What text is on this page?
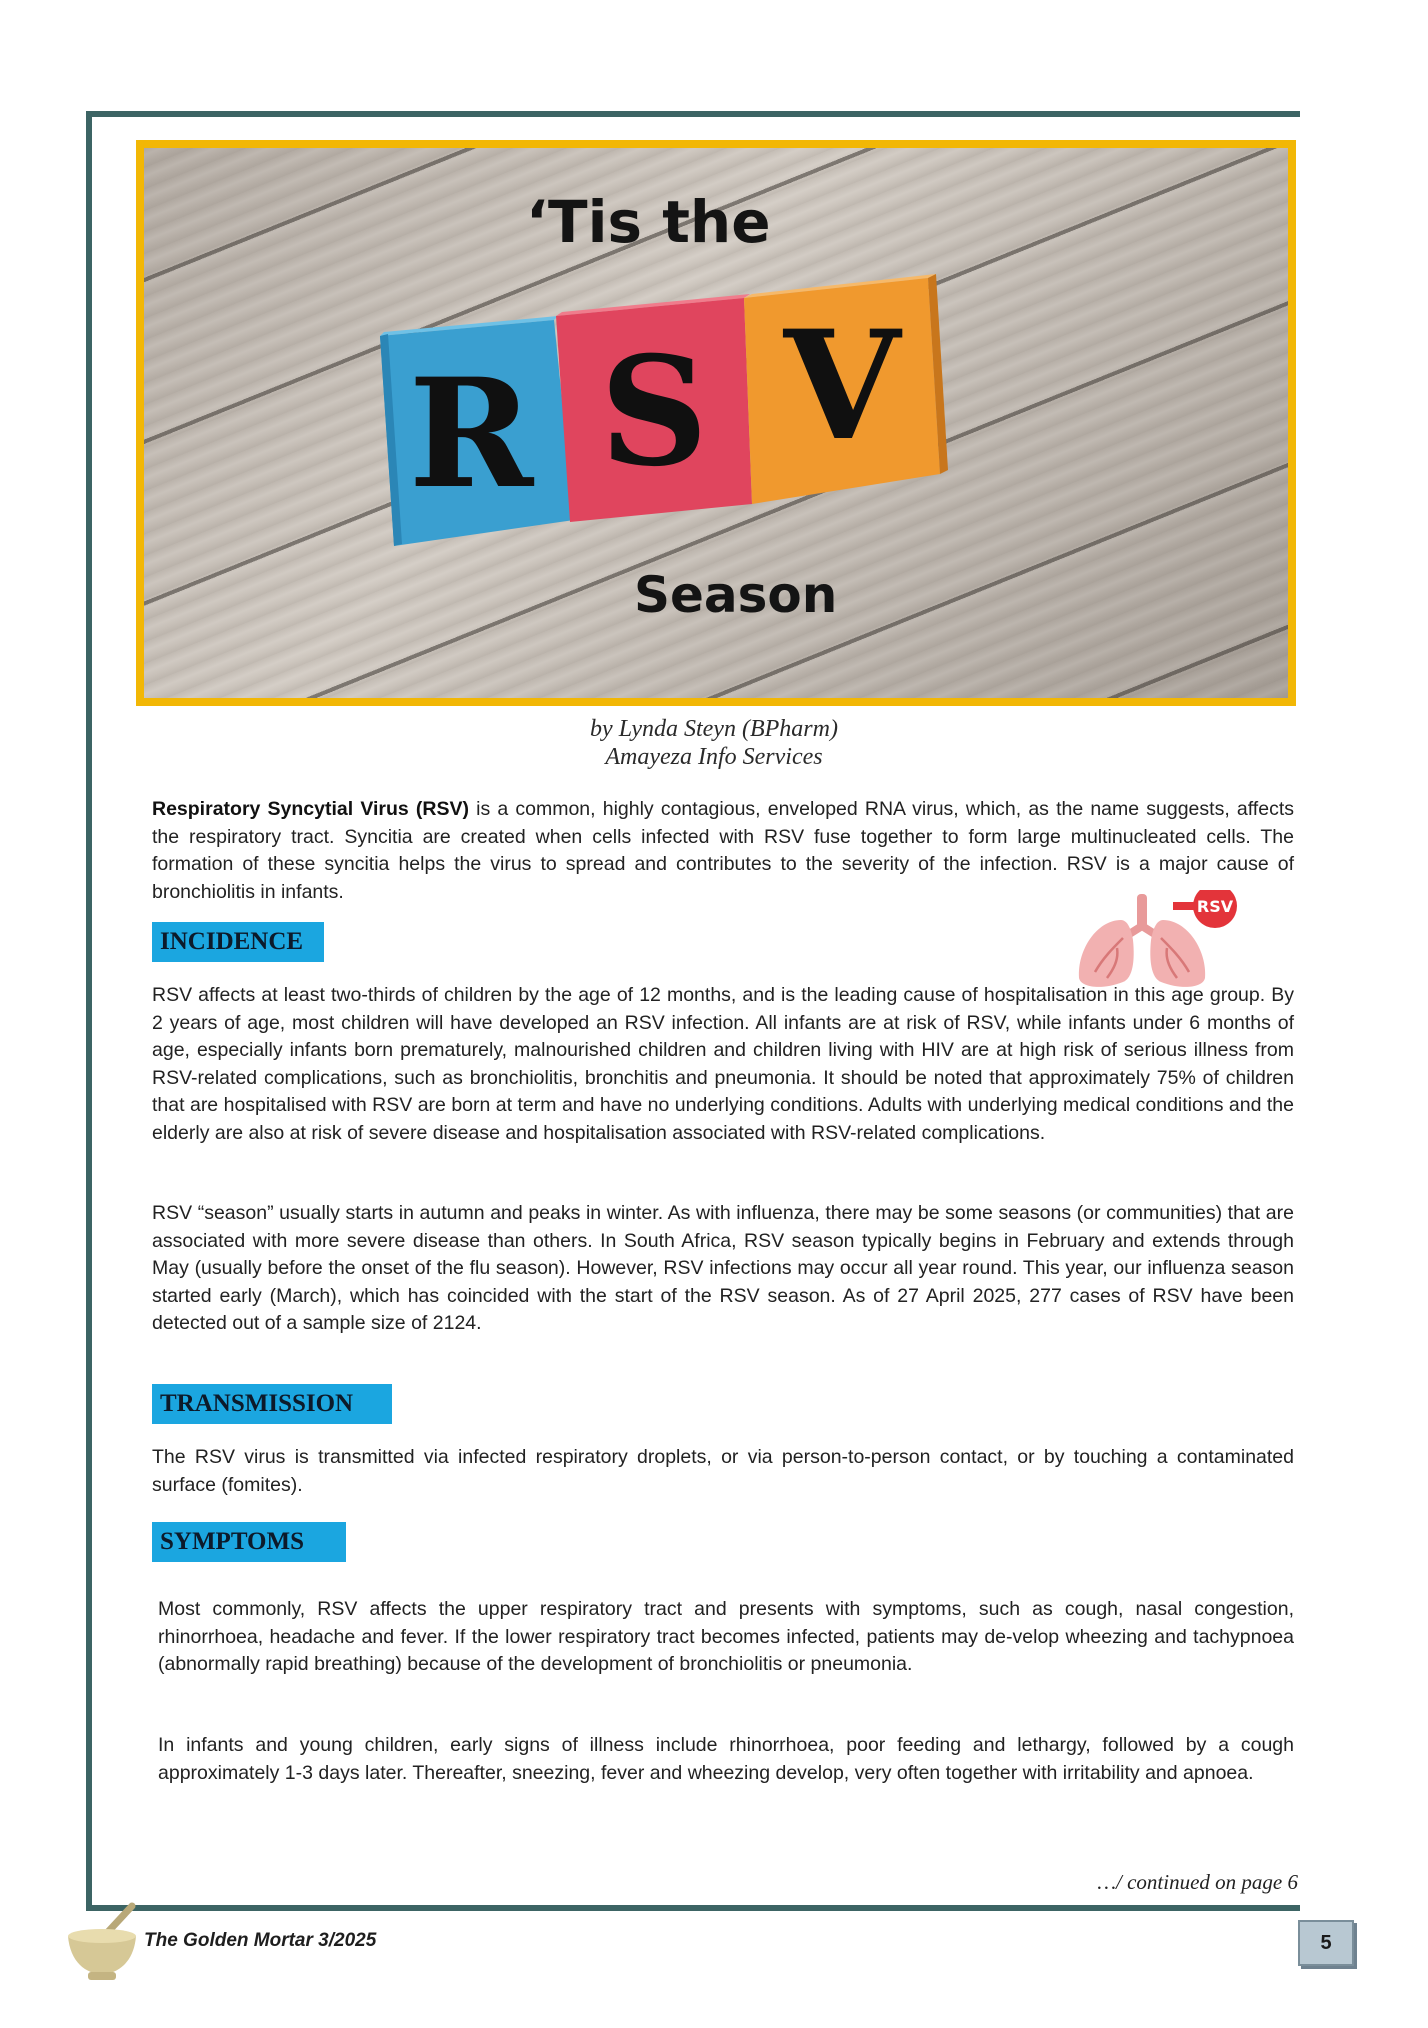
R S V
‘Tis the
Season
by Lynda Steyn (BPharm)
Amayeza Info Services
Respiratory Syncytial Virus (RSV) is a common, highly contagious, enveloped RNA virus, which, as the name suggests, affects the respiratory tract. Syncitia are created when cells infected with RSV fuse together to form large multinucleated cells. The formation of these syncitia helps the virus to spread and contributes to the severity of the infection. RSV is a major cause of bronchiolitis in infants.
INCIDENCE
RSV
RSV affects at least two-thirds of children by the age of 12 months, and is the leading cause of hospitalisation in this age group. By 2 years of age, most children will have developed an RSV infection. All infants are at risk of RSV, while infants under 6 months of age, especially infants born prematurely, malnourished children and children living with HIV are at high risk of serious illness from RSV-related complications, such as bronchiolitis, bronchitis and pneumonia. It should be noted that approximately 75% of children that are hospitalised with RSV are born at term and have no underlying conditions. Adults with underlying medical conditions and the elderly are also at risk of severe disease and hospitalisation associated with RSV-related complications.
RSV “season” usually starts in autumn and peaks in winter. As with influenza, there may be some seasons (or communities) that are associated with more severe disease than others. In South Africa, RSV season typically begins in February and extends through May (usually before the onset of the flu season). However, RSV infections may occur all year round. This year, our influenza season started early (March), which has coincided with the start of the RSV season. As of 27 April 2025, 277 cases of RSV have been detected out of a sample size of 2124.
TRANSMISSION
The RSV virus is transmitted via infected respiratory droplets, or via person-to-person contact, or by touching a contaminated surface (fomites).
SYMPTOMS
Most commonly, RSV affects the upper respiratory tract and presents with symptoms, such as cough, nasal congestion, rhinorrhoea, headache and fever. If the lower respiratory tract becomes infected, patients may de-velop wheezing and tachypnoea (abnormally rapid breathing) because of the development of bronchiolitis or pneumonia.
In infants and young children, early signs of illness include rhinorrhoea, poor feeding and lethargy, followed by a cough approximately 1-3 days later. Thereafter, sneezing, fever and wheezing develop, very often together with irritability and apnoea.
…/ continued on page 6
The Golden Mortar 3/2025	5
